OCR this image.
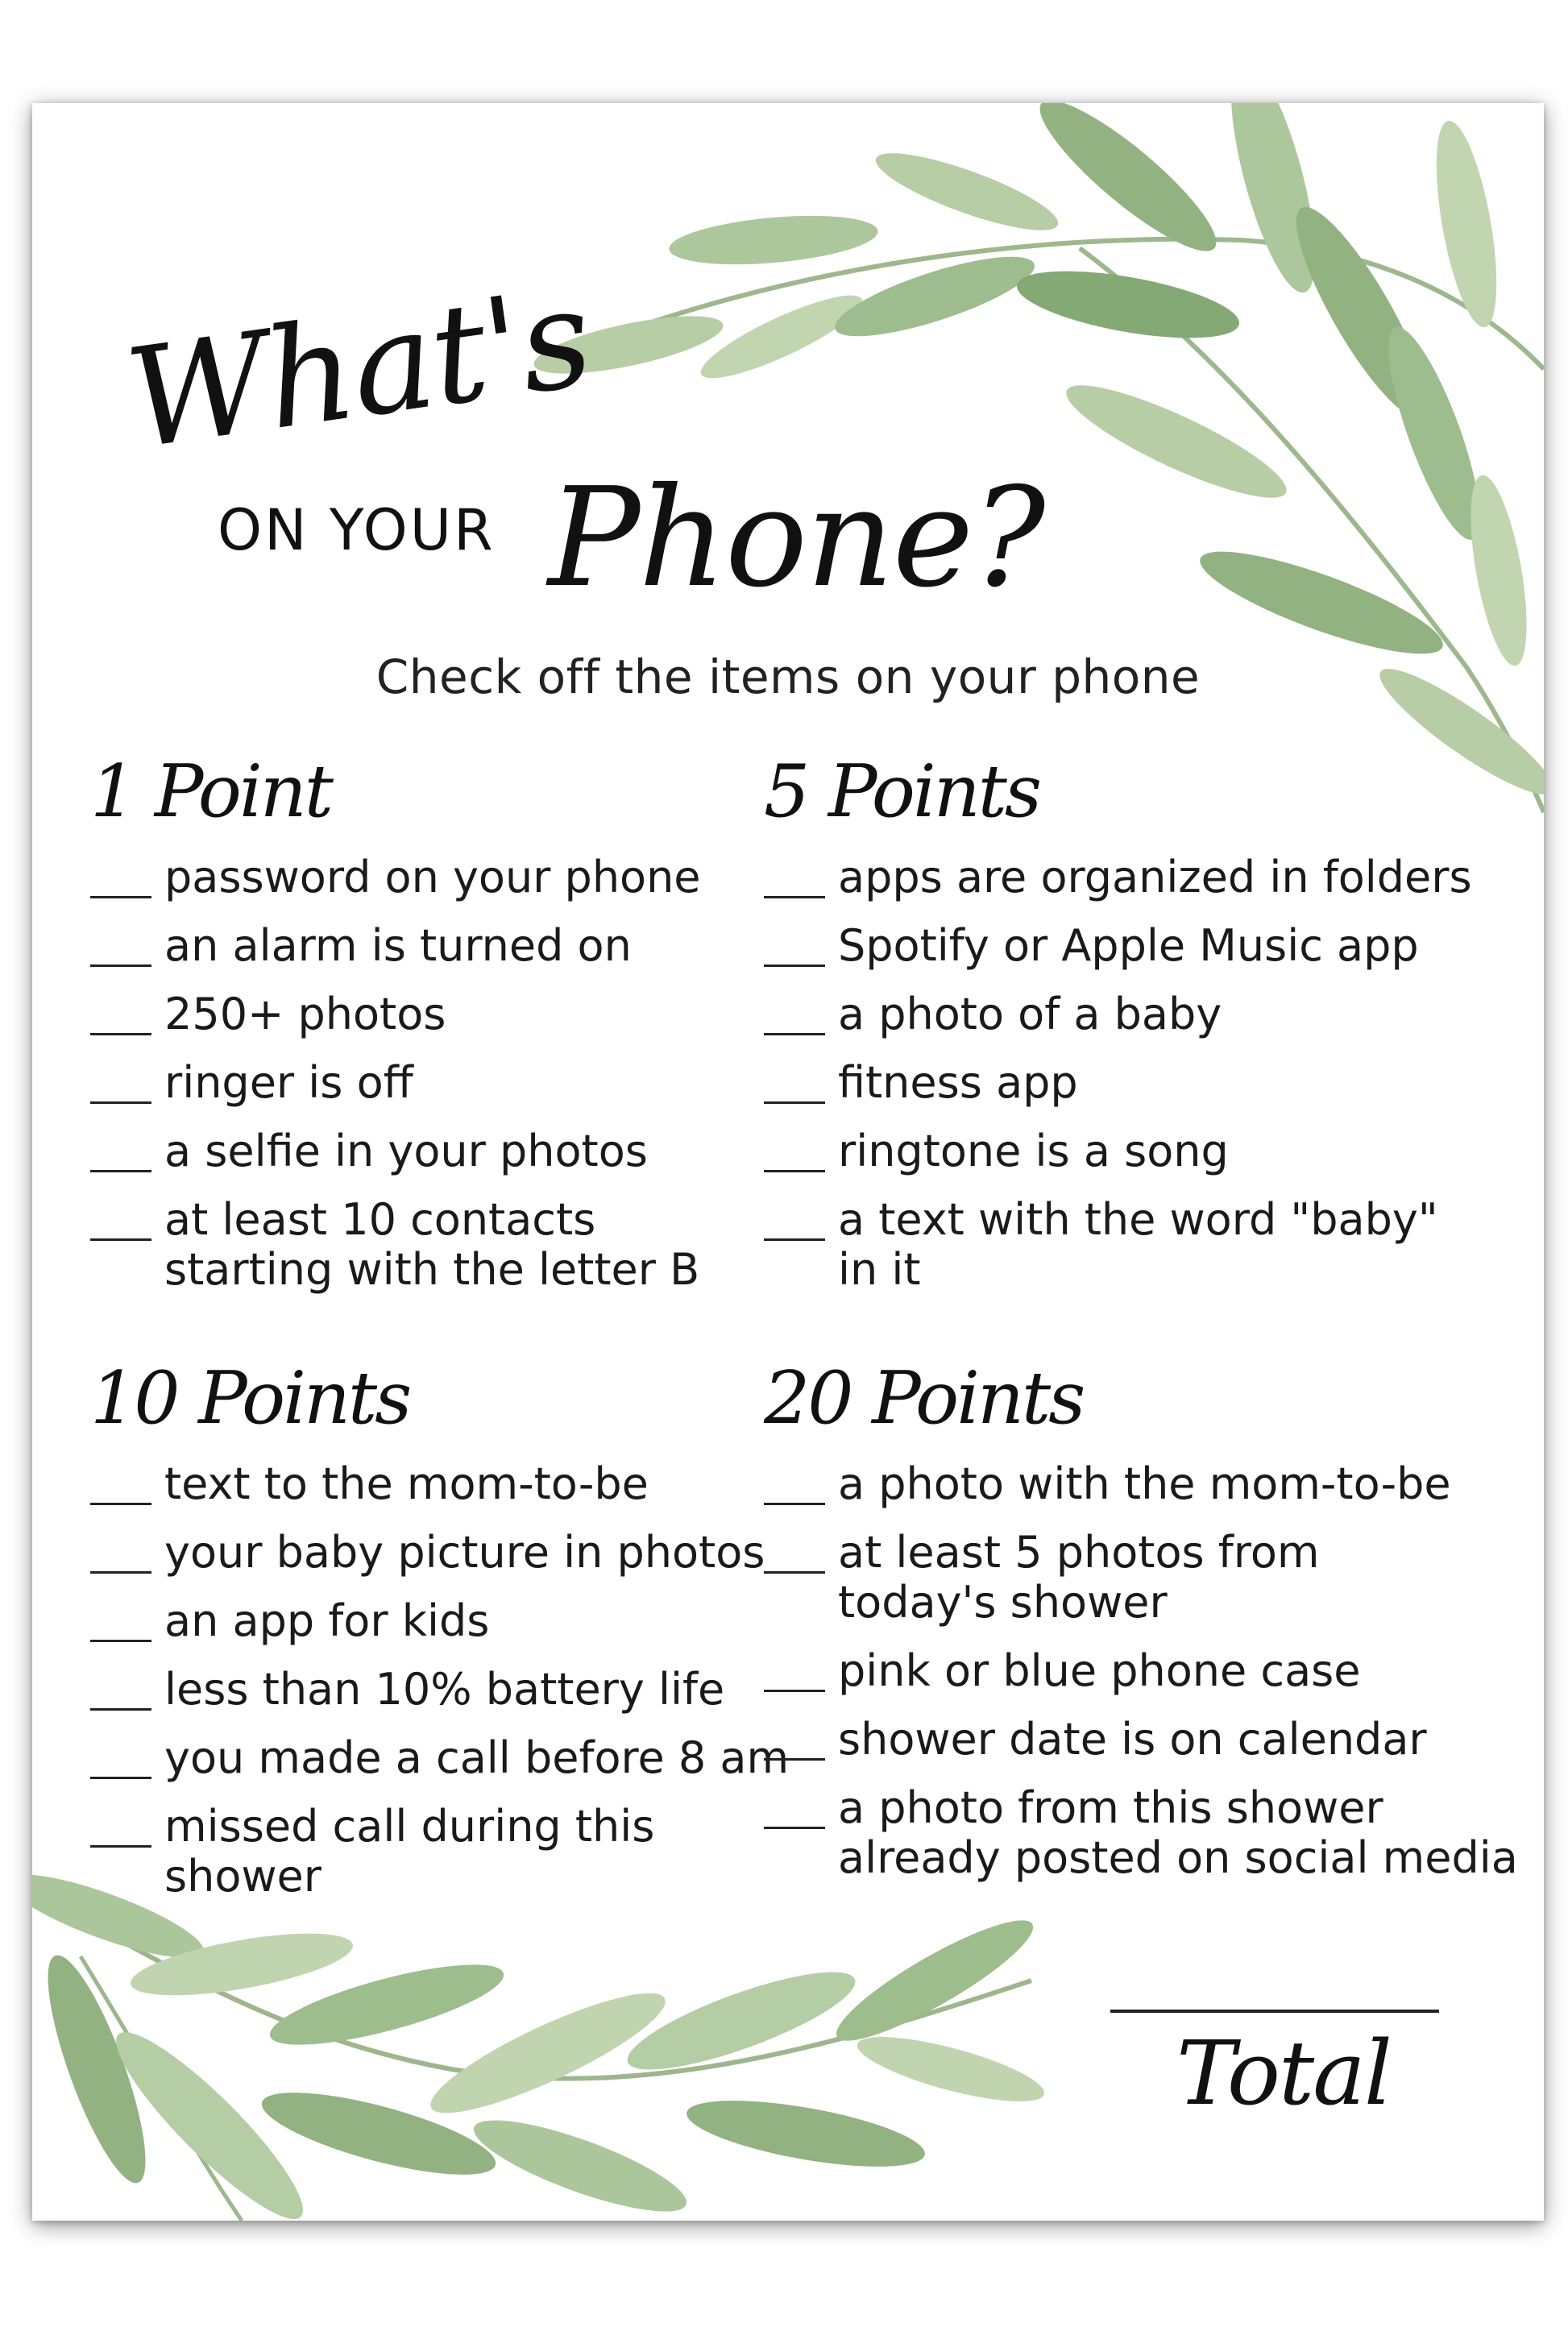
What's
ON YOUR Phone?
Check off the items on your phone
1 Point
password on your phone
an alarm is turned on
250+ photos
ringer is off
a selfie in your photos
at least 10 contacts
starting with the letter B
5 Points
apps are organized in folders
Spotify or Apple Music app
a photo of a baby
fitness app
ringtone is a song
a text with the word "baby"
in it
10 Points
text to the mom-to-be
your baby picture in photos
an app for kids
less than 10% battery life
you made a call before 8 am
missed call during this
shower
20 Points
a photo with the mom-to-be
at least 5 photos from
today's shower
pink or blue phone case
shower date is on calendar
a photo from this shower
already posted on social media
Total
